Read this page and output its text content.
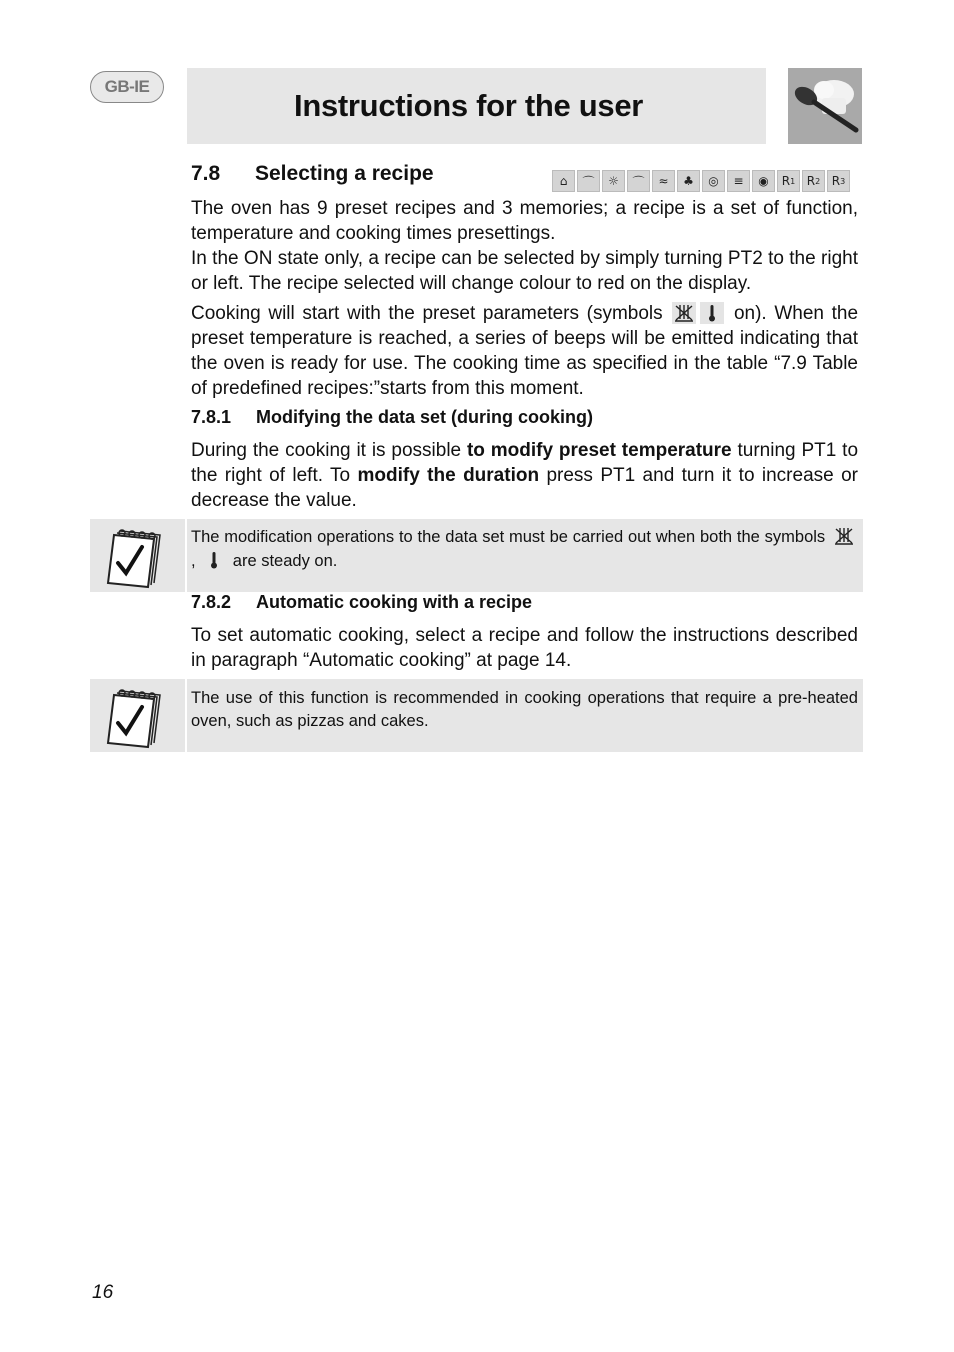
GB-IE
Instructions for the user
7.8 Selecting a recipe	⌂	⌒	☼	⌒	≈	♣	◎	≡	◉	R 1 R 2 R 3

The oven has 9 preset recipes and 3 memories; a recipe is a set of function, temperature and cooking times presettings.

In the ON state only, a recipe can be selected by simply turning PT2 to the right or left. The recipe selected will change colour to red on the display.

Cooking will start with the preset parameters (symbols	on). When the preset temperature is reached, a series of beeps will be emitted indicating that the oven is ready for use. The cooking time as specified in the table “7.9 Table of predefined recipes:”starts from this moment.

7.8.1 Modifying the data set (during cooking)

During the cooking it is possible to modify preset temperature turning PT1 to the right of left. To modify the duration press PT1 and turn it to increase or decrease the value.

The modification operations to the data set must be carried out when both the symbols , are steady on.
7.8.2 Automatic cooking with a recipe

To set automatic cooking, select a recipe and follow the instructions described in paragraph “Automatic cooking” at page 14.

The use of this function is recommended in cooking operations that require a pre-heated oven, such as pizzas and cakes.
16
